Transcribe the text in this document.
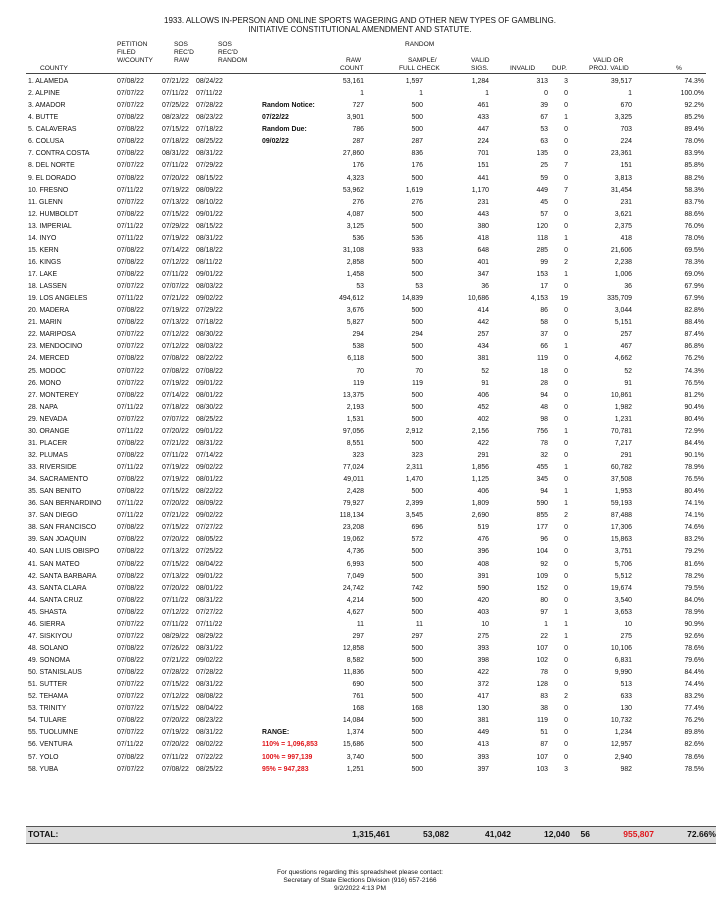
1933. ALLOWS IN-PERSON AND ONLINE SPORTS WAGERING AND OTHER NEW TYPES OF GAMBLING.
INITIATIVE CONSTITUTIONAL AMENDMENT AND STATUTE.
PETITION
FILED
W/COUNTY
SOS
REC'D
RAW
SOS
REC'D
RANDOM
COUNTY
RAW
COUNT
RANDOM
SAMPLE/
FULL CHECK
VALID
SIGS.	INVALID	DUP.
VALID OR
PROJ. VALID	%
1. ALAMEDA	07/08/22	07/21/22 08/24/22	53,161	1,597	1,284	313 3	39,517	74.3%
2. ALPINE	07/07/22	07/11/22 07/11/22	1	1	1	0 0	1	100.0%
3. AMADOR	07/07/22	07/25/22 07/28/22	Random Notice:	727	500	461	39 0	670	92.2%
4. BUTTE	07/08/22	08/23/22 08/23/22	07/22/22	3,901	500	433	67 1	3,325	85.2%
5. CALAVERAS	07/08/22	07/15/22 07/18/22	Random Due:	786	500	447	53 0	703	89.4%
6. COLUSA	07/08/22	07/18/22 08/25/22	09/02/22	287	287	224	63 0	224	78.0%
7. CONTRA COSTA	07/08/22	08/31/22 08/31/22	27,860	836	701	135 0	23,361	83.9%
8. DEL NORTE	07/07/22	07/11/22 07/29/22	176	176	151	25 7	151	85.8%
9. EL DORADO	07/08/22	07/20/22 08/15/22	4,323	500	441	59 0	3,813	88.2%
10. FRESNO	07/11/22	07/19/22 08/09/22	53,962	1,619	1,170	449 7	31,454	58.3%
11. GLENN	07/07/22	07/13/22 08/10/22	276	276	231	45 0	231	83.7%
12. HUMBOLDT	07/08/22	07/15/22 09/01/22	4,087	500	443	57 0	3,621	88.6%
13. IMPERIAL	07/11/22	07/29/22 08/15/22	3,125	500	380	120 0	2,375	76.0%
14. INYO	07/11/22	07/19/22 08/31/22	536	536	418	118 1	418	78.0%
15. KERN	07/08/22	07/14/22 08/18/22	31,108	933	648	285 0	21,606	69.5%
16. KINGS	07/08/22	07/12/22 08/11/22	2,858	500	401	99 2	2,238	78.3%
17. LAKE	07/08/22	07/11/22 09/01/22	1,458	500	347	153 1	1,006	69.0%
18. LASSEN	07/07/22	07/07/22 08/03/22	53	53	36	17 0	36	67.9%
19. LOS ANGELES	07/11/22	07/21/22 09/02/22	494,612	14,839	10,686	4,153 19	335,709	67.9%
20. MADERA	07/08/22	07/19/22 07/29/22	3,676	500	414	86 0	3,044	82.8%
21. MARIN	07/08/22	07/13/22 07/18/22	5,827	500	442	58 0	5,151	88.4%
22. MARIPOSA	07/07/22	07/12/22 08/30/22	294	294	257	37 0	257	87.4%
23. MENDOCINO	07/07/22	07/12/22 08/03/22	538	500	434	66 1	467	86.8%
24. MERCED	07/08/22	07/08/22 08/22/22	6,118	500	381	119 0	4,662	76.2%
25. MODOC	07/07/22	07/08/22 07/08/22	70	70	52	18 0	52	74.3%
26. MONO	07/07/22	07/19/22 09/01/22	119	119	91	28 0	91	76.5%
27. MONTEREY	07/08/22	07/14/22 08/01/22	13,375	500	406	94 0	10,861	81.2%
28. NAPA	07/11/22	07/18/22 08/30/22	2,193	500	452	48 0	1,982	90.4%
29. NEVADA	07/07/22	07/07/22 08/25/22	1,531	500	402	98 0	1,231	80.4%
30. ORANGE	07/11/22	07/20/22 09/01/22	97,056	2,912	2,156	756 1	70,781	72.9%
31. PLACER	07/08/22	07/21/22 08/31/22	8,551	500	422	78 0	7,217	84.4%
32. PLUMAS	07/08/22	07/11/22 07/14/22	323	323	291	32 0	291	90.1%
33. RIVERSIDE	07/11/22	07/19/22 09/02/22	77,024	2,311	1,856	455 1	60,782	78.9%
34. SACRAMENTO	07/08/22	07/19/22 08/01/22	49,011	1,470	1,125	345 0	37,508	76.5%
35. SAN BENITO	07/08/22	07/15/22 08/22/22	2,428	500	406	94 1	1,953	80.4%
36. SAN BERNARDINO 07/11/22	07/20/22 08/09/22	79,927	2,399	1,809	590 1	59,193	74.1%
37. SAN DIEGO	07/11/22	07/21/22 09/02/22	118,134	3,545	2,690	855 2	87,488	74.1%
38. SAN FRANCISCO	07/08/22	07/15/22 07/27/22	23,208	696	519	177 0	17,306	74.6%
39. SAN JOAQUIN	07/08/22	07/20/22 08/05/22	19,062	572	476	96 0	15,863	83.2%
40. SAN LUIS OBISPO	07/08/22	07/13/22 07/25/22	4,736	500	396	104 0	3,751	79.2%
41. SAN MATEO	07/08/22	07/15/22 08/04/22	6,993	500	408	92 0	5,706	81.6%
42. SANTA BARBARA	07/08/22	07/13/22 09/01/22	7,049	500	391	109 0	5,512	78.2%
43. SANTA CLARA	07/08/22	07/20/22 08/01/22	24,742	742	590	152 0	19,674	79.5%
44. SANTA CRUZ	07/08/22	07/11/22 08/31/22	4,214	500	420	80 0	3,540	84.0%
45. SHASTA	07/08/22	07/12/22 07/27/22	4,627	500	403	97 1	3,653	78.9%
46. SIERRA	07/07/22	07/11/22 07/11/22	11	11	10	1 1	10	90.9%
47. SISKIYOU	07/07/22	08/29/22 08/29/22	297	297	275	22 1	275	92.6%
48. SOLANO	07/08/22	07/26/22 08/31/22	12,858	500	393	107 0	10,106	78.6%
49. SONOMA	07/08/22	07/21/22 09/02/22	8,582	500	398	102 0	6,831	79.6%
50. STANISLAUS	07/08/22	07/28/22 07/28/22	11,836	500	422	78 0	9,990	84.4%
51. SUTTER	07/07/22	07/15/22 08/31/22	690	500	372	128 0	513	74.4%
52. TEHAMA	07/07/22	07/12/22 08/08/22	761	500	417	83 2	633	83.2%
53. TRINITY	07/07/22	07/15/22 08/04/22	168	168	130	38 0	130	77.4%
54. TULARE	07/08/22	07/20/22 08/23/22	14,084	500	381	119 0	10,732	76.2%
55. TUOLUMNE	07/07/22	07/19/22 08/31/22	RANGE:	1,374	500	449	51 0	1,234	89.8%
56. VENTURA	07/11/22	07/20/22 08/02/22	110% = 1,096,853	15,686	500	413	87 0	12,957	82.6%
57. YOLO	07/08/22	07/11/22 07/22/22	100% = 997,139	3,740	500	393	107 0	2,940	78.6%
58. YUBA	07/07/22	07/08/22 08/25/22	95% = 947,283	1,251	500	397	103 3	982	78.5%
TOTAL:	1,315,461	53,082	41,042	12,040 56	955,807	72.66%
For questions regarding this spreadsheet please contact:
Secretary of State Elections Division (916) 657-2166
9/2/2022 4:13 PM
